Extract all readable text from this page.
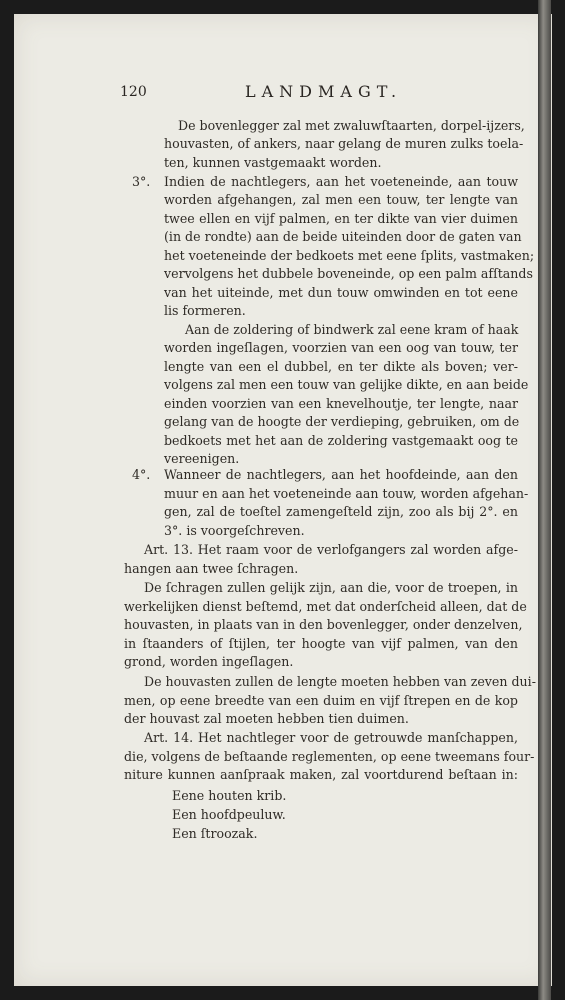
120	LANDMAGT.
3°.
4°.
De bovenlegger zal met zwaluwſtaarten, dorpel-ijzers,
houvasten, of ankers, naar gelang de muren zulks toela-
ten, kunnen vastgemaakt worden.
Indien de nachtlegers, aan het voeteneinde, aan touw
worden afgehangen, zal men een touw, ter lengte van
twee ellen en vijf palmen, en ter dikte van vier duimen
(in de rondte) aan de beide uiteinden door de gaten van
het voeteneinde der bedkoets met eene ſplits, vastmaken;
vervolgens het dubbele boveneinde, op een palm afſtands
van het uiteinde, met dun touw omwinden en tot eene
lis formeren.
Aan de zoldering of bindwerk zal eene kram of haak
worden ingeſlagen, voorzien van een oog van touw, ter
lengte van een el dubbel, en ter dikte als boven; ver-
volgens zal men een touw van gelijke dikte, en aan beide
einden voorzien van een knevelhoutje, ter lengte, naar
gelang van de hoogte der verdieping, gebruiken, om de
bedkoets met het aan de zoldering vastgemaakt oog te
vereenigen.
Wanneer de nachtlegers, aan het hoofdeinde, aan den
muur en aan het voeteneinde aan touw, worden afgehan-
gen, zal de toeſtel zamengeſteld zijn, zoo als bij 2°. en
3°. is voorgeſchreven.
Art. 13. Het raam voor de verlofgangers zal worden afge-
hangen aan twee ſchragen.
De ſchragen zullen gelijk zijn, aan die, voor de troepen, in
werkelijken dienst beſtemd, met dat onderſcheid alleen, dat de
houvasten, in plaats van in den bovenlegger, onder denzelven,
in ſtaanders of ſtijlen, ter hoogte van vijf palmen, van den
grond, worden ingeſlagen.
De houvasten zullen de lengte moeten hebben van zeven dui-
men, op eene breedte van een duim en vijf ſtrepen en de kop
der houvast zal moeten hebben tien duimen.
Art. 14. Het nachtleger voor de getrouwde manſchappen,
die, volgens de beſtaande reglementen, op eene tweemans four-
niture kunnen aanſpraak maken, zal voortdurend beſtaan in:
Eene houten krib.
Een hoofdpeuluw.
Een ſtroozak.
